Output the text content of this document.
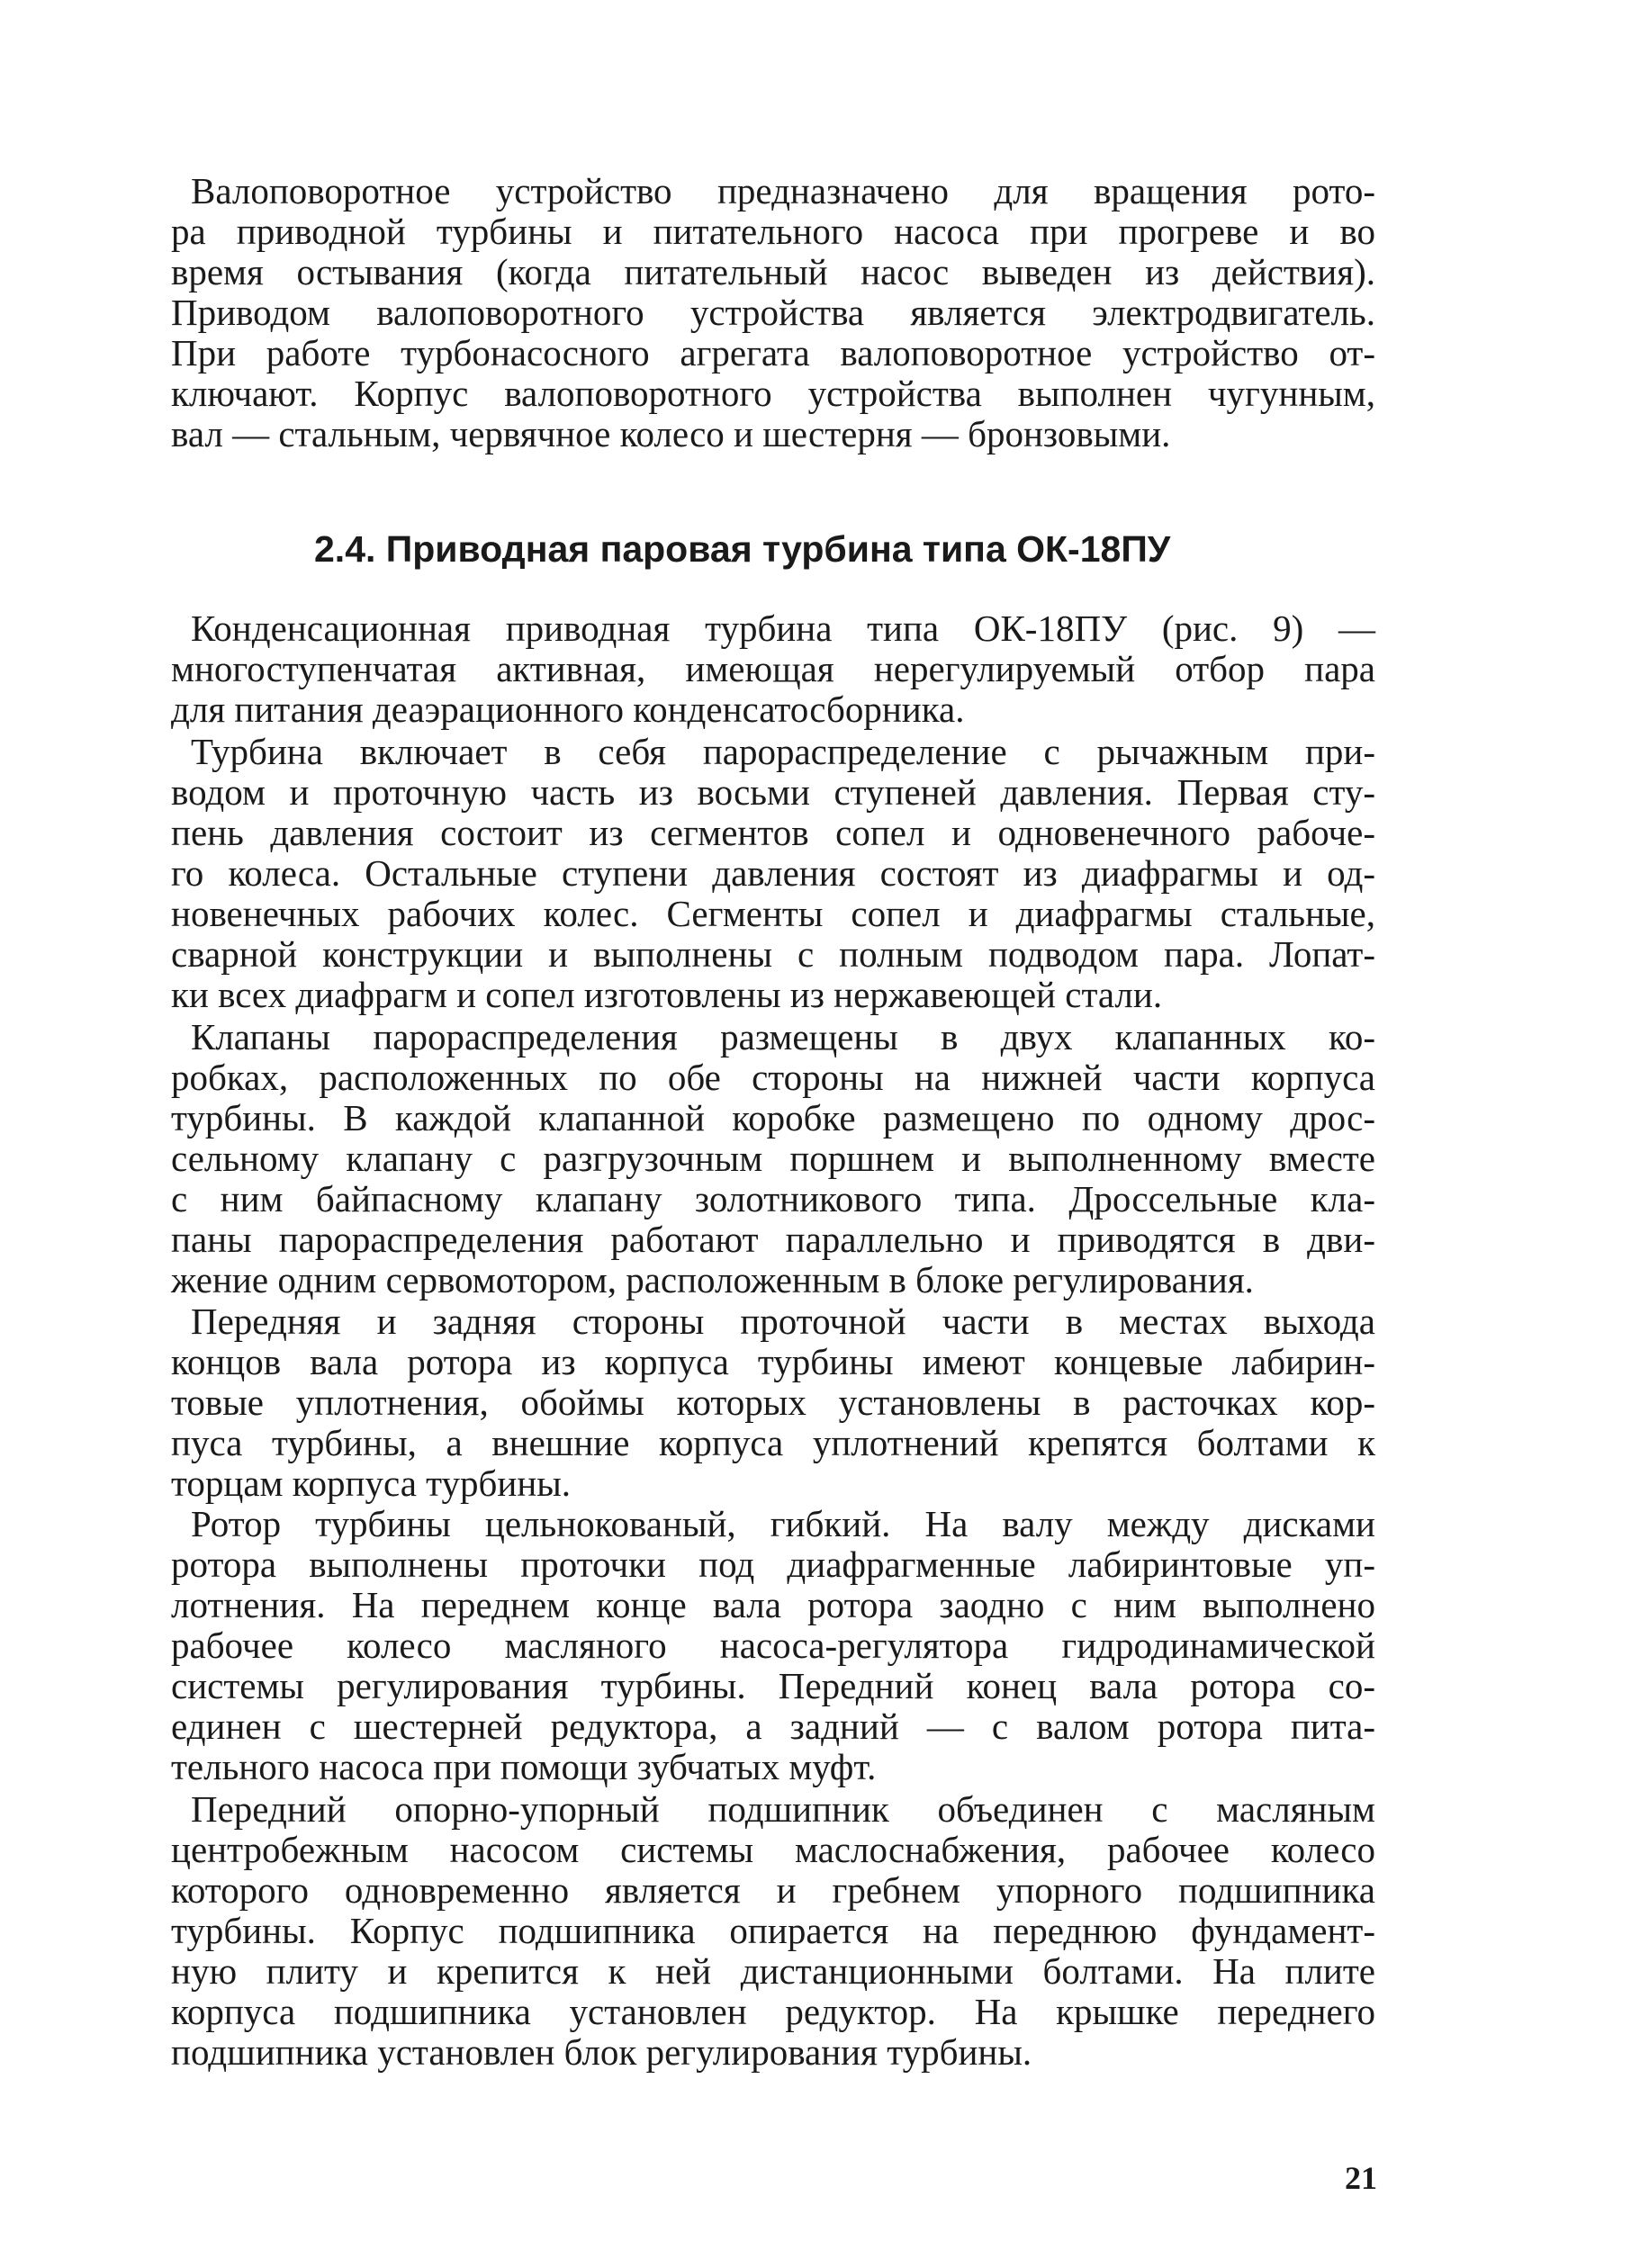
Валоповоротное устройство предназначено для вращения рото-
ра приводной турбины и питательного насоса при прогреве и во
время остывания (когда питательный насос выведен из действия).
Приводом валоповоротного устройства является электродвигатель.
При работе турбонасосного агрегата валоповоротное устройство от-
ключают. Корпус валоповоротного устройства выполнен чугунным,
вал — стальным, червячное колесо и шестерня — бронзовыми.
2.4. Приводная паровая турбина типа ОК-18ПУ
Конденсационная приводная турбина типа ОК-18ПУ (рис. 9) —
многоступенчатая активная, имеющая нерегулируемый отбор пара
для питания деаэрационного конденсатосборника.
Турбина включает в себя парораспределение с рычажным при-
водом и проточную часть из восьми ступеней давления. Первая сту-
пень давления состоит из сегментов сопел и одновенечного рабоче-
го колеса. Остальные ступени давления состоят из диафрагмы и од-
новенечных рабочих колес. Сегменты сопел и диафрагмы стальные,
сварной конструкции и выполнены с полным подводом пара. Лопат-
ки всех диафрагм и сопел изготовлены из нержавеющей стали.
Клапаны парораспределения размещены в двух клапанных ко-
робках, расположенных по обе стороны на нижней части корпуса
турбины. В каждой клапанной коробке размещено по одному дрос-
сельному клапану с разгрузочным поршнем и выполненному вместе
с ним байпасному клапану золотникового типа. Дроссельные кла-
паны парораспределения работают параллельно и приводятся в дви-
жение одним сервомотором, расположенным в блоке регулирования.
Передняя и задняя стороны проточной части в местах выхода
концов вала ротора из корпуса турбины имеют концевые лабирин-
товые уплотнения, обоймы которых установлены в расточках кор-
пуса турбины, а внешние корпуса уплотнений крепятся болтами к
торцам корпуса турбины.
Ротор турбины цельнокованый, гибкий. На валу между дисками
ротора выполнены проточки под диафрагменные лабиринтовые уп-
лотнения. На переднем конце вала ротора заодно с ним выполнено
рабочее колесо масляного насоса-регулятора гидродинамической
системы регулирования турбины. Передний конец вала ротора со-
единен с шестерней редуктора, а задний — с валом ротора пита-
тельного насоса при помощи зубчатых муфт.
Передний опорно-упорный подшипник объединен с масляным
центробежным насосом системы маслоснабжения, рабочее колесо
которого одновременно является и гребнем упорного подшипника
турбины. Корпус подшипника опирается на переднюю фундамент-
ную плиту и крепится к ней дистанционными болтами. На плите
корпуса подшипника установлен редуктор. На крышке переднего
подшипника установлен блок регулирования турбины.
21
